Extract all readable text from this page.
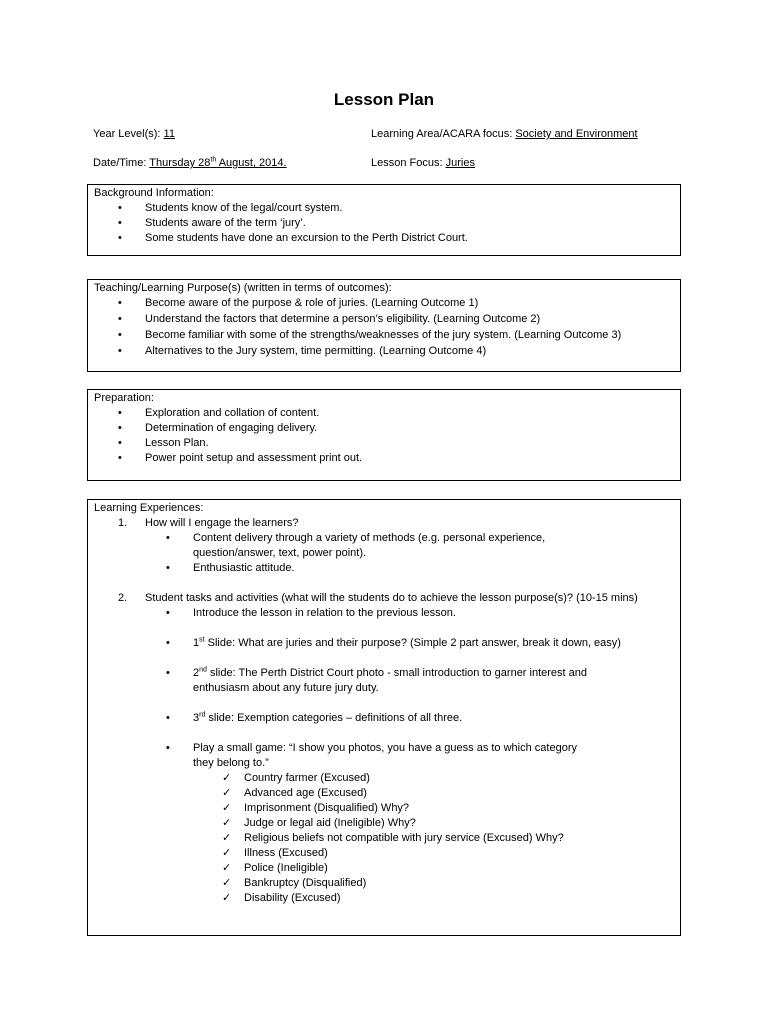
Lesson Plan
Year Level(s): 11	Learning Area/ACARA focus: Society and Environment
Date/Time: Thursday 28th August, 2014.	Lesson Focus: Juries
Background Information:
• Students know of the legal/court system.
• Students aware of the term ‘jury’.
• Some students have done an excursion to the Perth District Court.
Teaching/Learning Purpose(s) (written in terms of outcomes):
• Become aware of the purpose & role of juries. (Learning Outcome 1)
• Understand the factors that determine a person’s eligibility. (Learning Outcome 2)
• Become familiar with some of the strengths/weaknesses of the jury system. (Learning Outcome 3)
• Alternatives to the Jury system, time permitting. (Learning Outcome 4)
Preparation:
• Exploration and collation of content.
• Determination of engaging delivery.
• Lesson Plan.
• Power point setup and assessment print out.
Learning Experiences:
1. How will I engage the learners?
• Content delivery through a variety of methods (e.g. personal experience, question/answer, text, power point).
• Enthusiastic attitude.
2. Student tasks and activities (what will the students do to achieve the lesson purpose(s)? (10-15 mins)
• Introduce the lesson in relation to the previous lesson.
• 1st Slide: What are juries and their purpose? (Simple 2 part answer, break it down, easy)
• 2nd slide: The Perth District Court photo - small introduction to garner interest and enthusiasm about any future jury duty.
• 3rd slide: Exemption categories – definitions of all three.
• Play a small game: “I show you photos, you have a guess as to which category they belong to.”
✓ Country farmer (Excused)
✓ Advanced age (Excused)
✓ Imprisonment (Disqualified) Why?
✓ Judge or legal aid (Ineligible) Why?
✓ Religious beliefs not compatible with jury service (Excused) Why?
✓ Illness (Excused)
✓ Police (Ineligible)
✓ Bankruptcy (Disqualified)
✓ Disability (Excused)
